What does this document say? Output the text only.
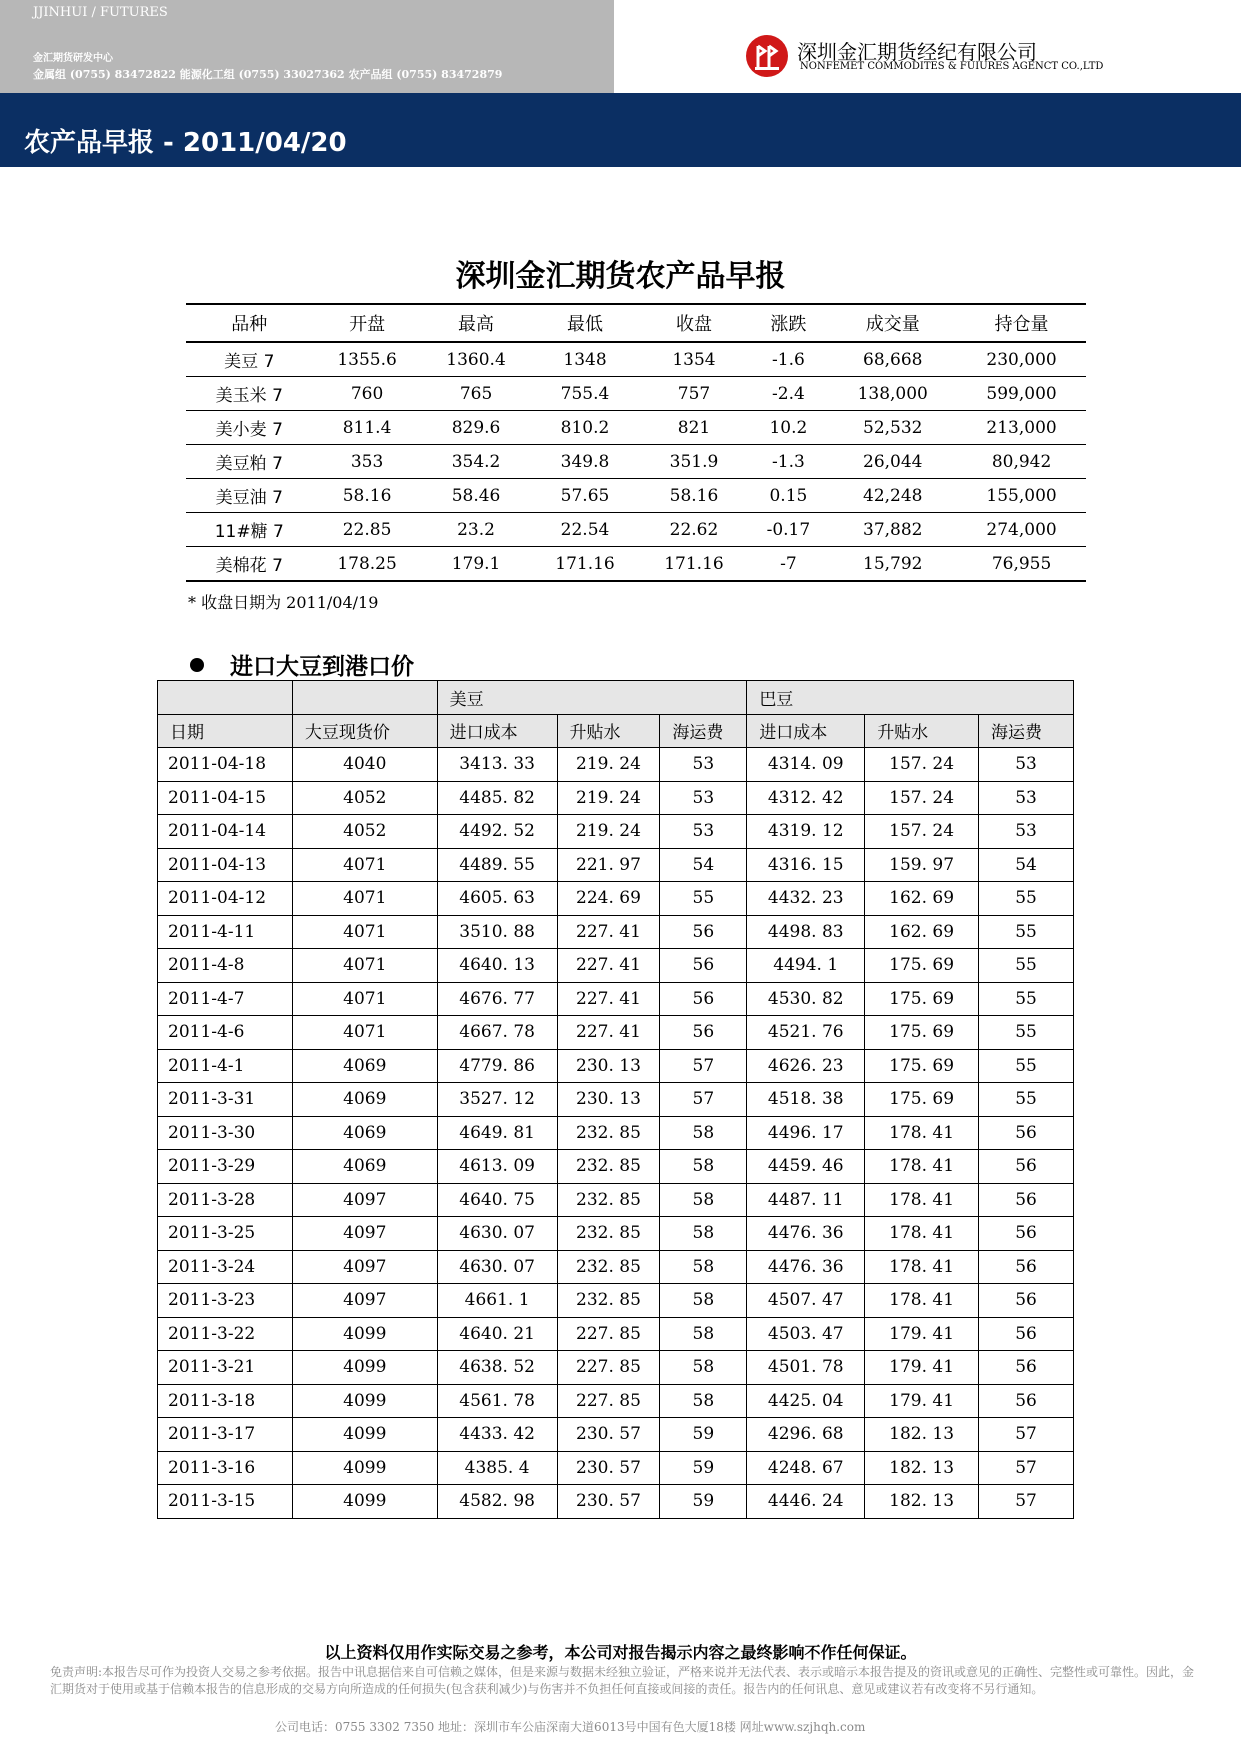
JJINHUI / FUTURES
金汇期货研发中心
金属组 (0755) 83472822 能源化工组 (0755) 33027362 农产品组 (0755) 83472879
深圳金汇期货经纪有限公司
NONFEMET COMMODITES & FUIURES AGENCT CO.,LTD
农产品早报 - 2011/04/20
深圳金汇期货农产品早报
品种	开盘	最高	最低	收盘	涨跌	成交量	持仓量
美豆 7	1355.6	1360.4	1348	1354	-1.6	68,668	230,000
美玉米 7	760	765	755.4	757	-2.4	138,000	599,000
美小麦 7	811.4	829.6	810.2	821	10.2	52,532	213,000
美豆粕 7	353	354.2	349.8	351.9	-1.3	26,044	80,942
美豆油 7	58.16	58.46	57.65	58.16	0.15	42,248	155,000
11#糖 7	22.85	23.2	22.54	22.62	-0.17	37,882	274,000
美棉花 7	178.25	179.1	171.16	171.16	-7	15,792	76,955
* 收盘日期为 2011/04/19
进口大豆到港口价
		美豆			巴豆		
日期	大豆现货价	进口成本	升贴水	海运费	进口成本	升贴水	海运费
2011-04-18	4040	3413. 33	219. 24	53	4314. 09	157. 24	53
2011-04-15	4052	4485. 82	219. 24	53	4312. 42	157. 24	53
2011-04-14	4052	4492. 52	219. 24	53	4319. 12	157. 24	53
2011-04-13	4071	4489. 55	221. 97	54	4316. 15	159. 97	54
2011-04-12	4071	4605. 63	224. 69	55	4432. 23	162. 69	55
2011-4-11	4071	3510. 88	227. 41	56	4498. 83	162. 69	55
2011-4-8	4071	4640. 13	227. 41	56	4494. 1	175. 69	55
2011-4-7	4071	4676. 77	227. 41	56	4530. 82	175. 69	55
2011-4-6	4071	4667. 78	227. 41	56	4521. 76	175. 69	55
2011-4-1	4069	4779. 86	230. 13	57	4626. 23	175. 69	55
2011-3-31	4069	3527. 12	230. 13	57	4518. 38	175. 69	55
2011-3-30	4069	4649. 81	232. 85	58	4496. 17	178. 41	56
2011-3-29	4069	4613. 09	232. 85	58	4459. 46	178. 41	56
2011-3-28	4097	4640. 75	232. 85	58	4487. 11	178. 41	56
2011-3-25	4097	4630. 07	232. 85	58	4476. 36	178. 41	56
2011-3-24	4097	4630. 07	232. 85	58	4476. 36	178. 41	56
2011-3-23	4097	4661. 1	232. 85	58	4507. 47	178. 41	56
2011-3-22	4099	4640. 21	227. 85	58	4503. 47	179. 41	56
2011-3-21	4099	4638. 52	227. 85	58	4501. 78	179. 41	56
2011-3-18	4099	4561. 78	227. 85	58	4425. 04	179. 41	56
2011-3-17	4099	4433. 42	230. 57	59	4296. 68	182. 13	57
2011-3-16	4099	4385. 4	230. 57	59	4248. 67	182. 13	57
2011-3-15	4099	4582. 98	230. 57	59	4446. 24	182. 13	57
以上资料仅用作实际交易之参考，本公司对报告揭示内容之最终影响不作任何保证。
免责声明:本报告尽可作为投资人交易之参考依据。报告中讯息据信来自可信赖之媒体，但是来源与数据未经独立验证，严格来说并无法代表、表示或暗示本报告提及的资讯或意见的正确性、完整性或可靠性。因此，金汇期货对于使用或基于信赖本报告的信息形成的交易方向所造成的任何损失(包含获利减少)与伤害并不负担任何直接或间接的责任。报告内的任何讯息、意见或建议若有改变将不另行通知。
公司电话：0755 3302 7350 地址：深圳市车公庙深南大道6013号中国有色大厦18楼 网址www.szjhqh.com
